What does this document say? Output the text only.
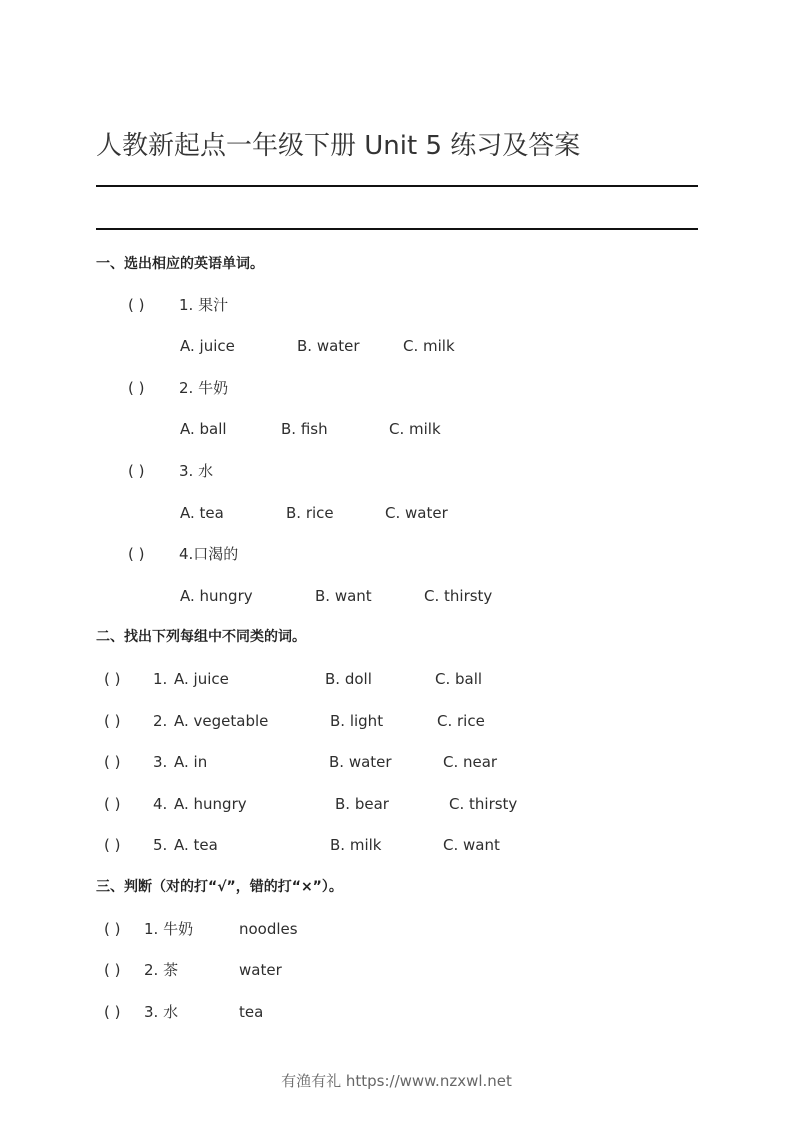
人教新起点一年级下册 Unit 5 练习及答案
一、选出相应的英语单词。
( ) 1. 果汁
A. juice	B. water	C. milk
( ) 2. 牛奶
A. ball	B. fish	C. milk
( ) 3. 水
A. tea	B. rice	C. water
( ) 4.口渴的
A. hungry	B. want	C. thirsty
二、找出下列每组中不同类的词。
( ) 1. A. juice	B. doll	C. ball
( ) 2. A. vegetable	B. light	C. rice
( ) 3. A. in	B. water	C. near
( ) 4. A. hungry	B. bear	C. thirsty
( ) 5. A. tea	B. milk	C. want
三、判断（对的打“√”，错的打“×”）。
( ) 1. 牛奶	noodles
( ) 2. 茶	water
( ) 3. 水	tea
有渔有礼 https://www.nzxwl.net
